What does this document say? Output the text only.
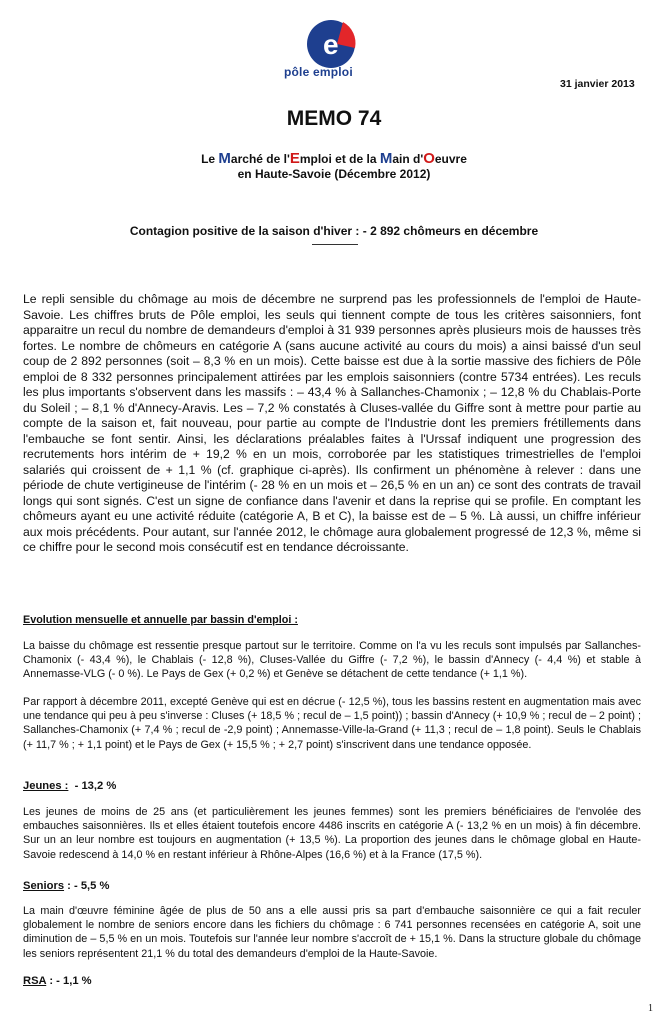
e
pôle emploi
31 janvier 2013
MEMO 74
Le Marché de l'Emploi et de la Main d'Oeuvre
en Haute-Savoie (Décembre 2012)
Contagion positive de la saison d'hiver : - 2 892 chômeurs en décembre
Le repli sensible du chômage au mois de décembre ne surprend pas les professionnels de l'emploi de Haute-Savoie. Les chiffres bruts de Pôle emploi, les seuls qui tiennent compte de tous les critères saisonniers, font apparaitre un recul du nombre de demandeurs d'emploi à 31 939 personnes après plusieurs mois de hausses très fortes. Le nombre de chômeurs en catégorie A (sans aucune activité au cours du mois) a ainsi baissé d'un seul coup de 2 892 personnes (soit – 8,3 % en un mois). Cette baisse est due à la sortie massive des fichiers de Pôle emploi de 8 332 personnes principalement attirées par les emplois saisonniers (contre 5734 entrées). Les reculs les plus importants s'observent dans les massifs : – 43,4 % à Sallanches-Chamonix ; – 12,8 % du Chablais-Porte du Soleil ; – 8,1 % d'Annecy-Aravis. Les – 7,2 % constatés à Cluses-vallée du Giffre sont à mettre pour partie au compte de la saison et, fait nouveau, pour partie au compte de l'Industrie dont les premiers frétillements dans l'embauche se font sentir. Ainsi, les déclarations préalables faites à l'Urssaf indiquent une progression des recrutements hors intérim de + 19,2 % en un mois, corroborée par les statistiques trimestrielles de l'emploi salariés qui croissent de + 1,1 % (cf. graphique ci-après). Ils confirment un phénomène à relever : dans une période de chute vertigineuse de l'intérim (- 28 % en un mois et – 26,5 % en un an) ce sont des contrats de travail longs qui sont signés. C'est un signe de confiance dans l'avenir et dans la reprise qui se profile. En comptant les chômeurs ayant eu une activité réduite (catégorie A, B et C), la baisse est de – 5 %. Là aussi, un chiffre inférieur aux mois précédents. Pour autant, sur l'année 2012, le chômage aura globalement progressé de 12,3 %, même si ce chiffre pour le second mois consécutif est en tendance décroissante.
Evolution mensuelle et annuelle par bassin d'emploi :
La baisse du chômage est ressentie presque partout sur le territoire. Comme on l'a vu les reculs sont impulsés par Sallanches-Chamonix (- 43,4 %), le Chablais (- 12,8 %), Cluses-Vallée du Giffre (- 7,2 %), le bassin d'Annecy (- 4,4 %) et stable à Annemasse-VLG (- 0 %). Le Pays de Gex (+ 0,2 %) et Genève se détachent de cette tendance (+ 1,1 %).
Par rapport à décembre 2011, excepté Genève qui est en décrue (- 12,5 %), tous les bassins restent en augmentation mais avec une tendance qui peu à peu s'inverse : Cluses (+ 18,5 % ; recul de – 1,5 point)) ; bassin d'Annecy (+ 10,9 % ; recul de – 2 point) ; Sallanches-Chamonix (+ 7,4 % ; recul de -2,9 point) ; Annemasse-Ville-la-Grand (+ 11,3 ; recul de – 1,8 point). Seuls le Chablais (+ 11,7 % ; + 1,1 point) et le Pays de Gex (+ 15,5 % ; + 2,7 point) s'inscrivent dans une tendance opposée.
Jeunes : - 13,2 %
Les jeunes de moins de 25 ans (et particulièrement les jeunes femmes) sont les premiers bénéficiaires de l'envolée des embauches saisonnières. Ils et elles étaient toutefois encore 4486 inscrits en catégorie A (- 13,2 % en un mois) à fin décembre. Sur un an leur nombre est toujours en augmentation (+ 13,5 %). La proportion des jeunes dans le chômage global en Haute-Savoie redescend à 14,0 % en restant inférieur à Rhône-Alpes (16,6 %) et à la France (17,5 %).
Seniors : - 5,5 %
La main d'œuvre féminine âgée de plus de 50 ans a elle aussi pris sa part d'embauche saisonnière ce qui a fait reculer globalement le nombre de seniors encore dans les fichiers du chômage : 6 741 personnes recensées en catégorie A, soit une diminution de – 5,5 % en un mois. Toutefois sur l'année leur nombre s'accroît de + 15,1 %. Dans la structure globale du chômage les seniors représentent 21,1 % du total des demandeurs d'emploi de la Haute-Savoie.
RSA : - 1,1 %
1
